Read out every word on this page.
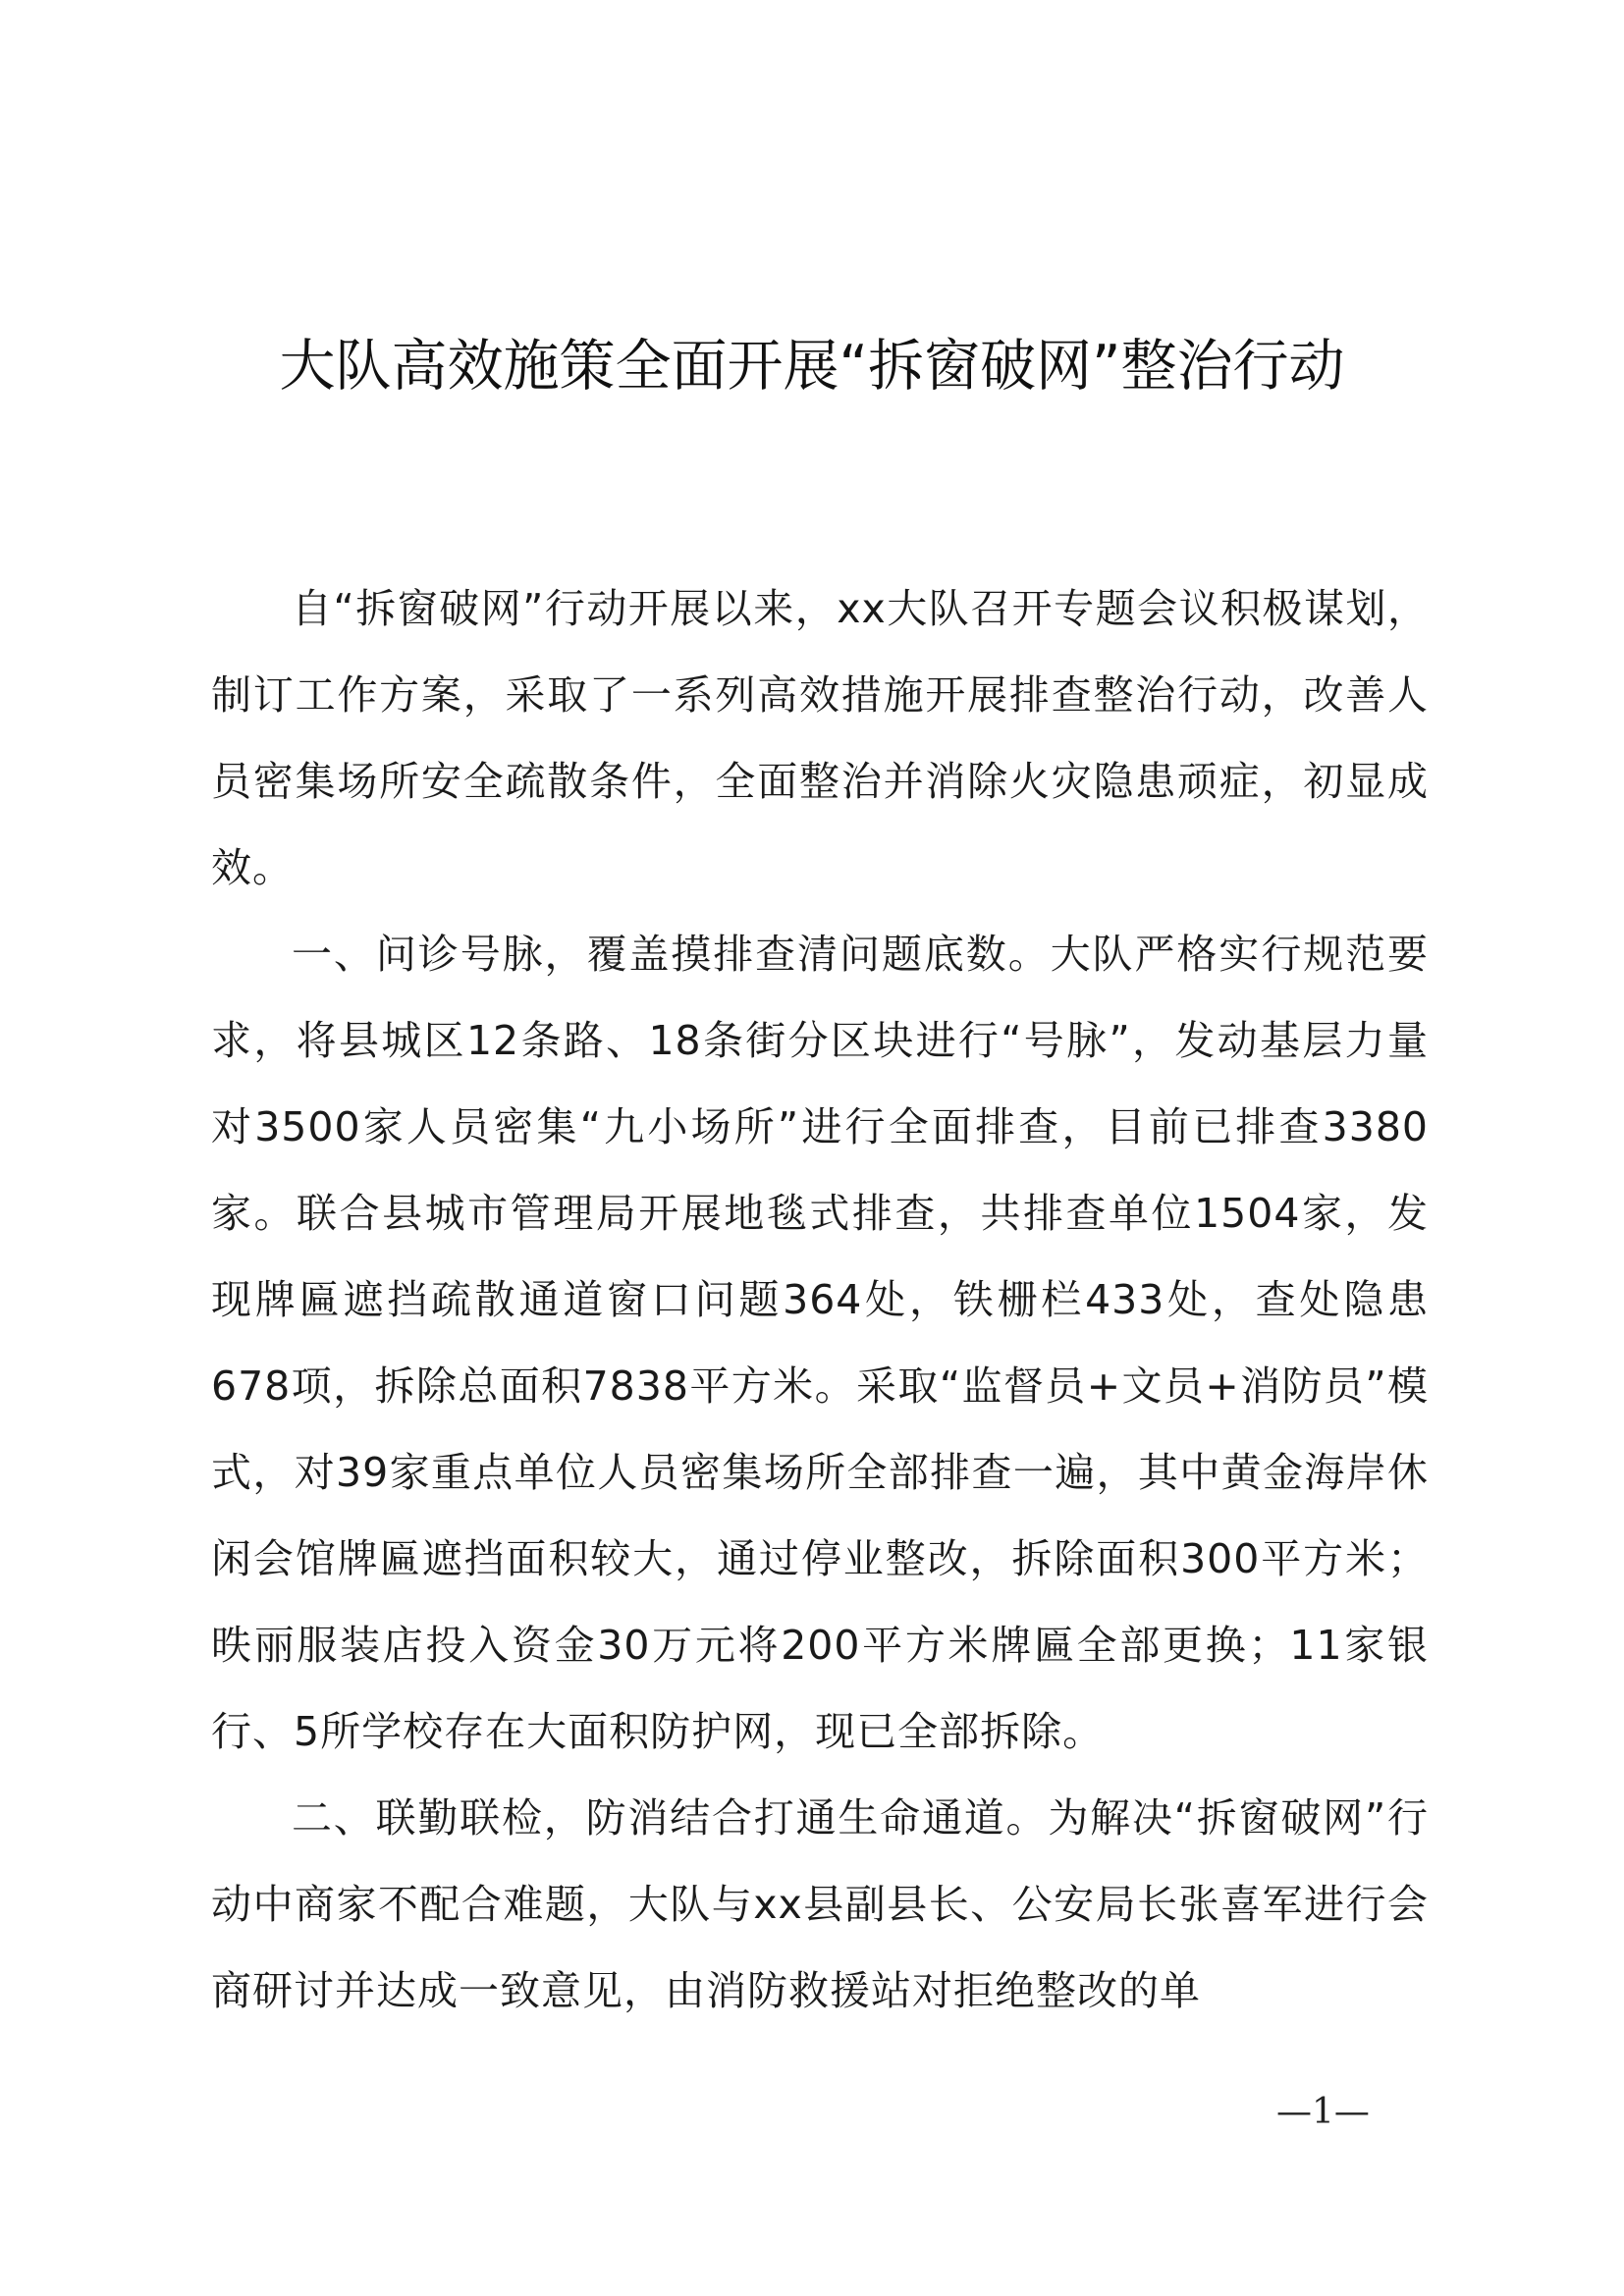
大队高效施策全面开展“拆窗破网”整治行动

自“拆窗破网”行动开展以来，xx大队召开专题会议积极谋划，制订工作方案，采取了一系列高效措施开展排查整治行动，改善人员密集场所安全疏散条件，全面整治并消除火灾隐患顽症，初显成效。

一、问诊号脉，覆盖摸排查清问题底数。大队严格实行规范要求，将县城区12条路、18条街分区块进行“号脉”，发动基层力量对3500家人员密集“九小场所”进行全面排查，目前已排查3380家。联合县城市管理局开展地毯式排查，共排查单位1504家，发现牌匾遮挡疏散通道窗口问题364处，铁栅栏433处，查处隐患678项，拆除总面积7838平方米。采取“监督员+文员+消防员”模式，对39家重点单位人员密集场所全部排查一遍，其中黄金海岸休闲会馆牌匾遮挡面积较大，通过停业整改，拆除面积300平方米；昳丽服装店投入资金30万元将200平方米牌匾全部更换；11家银行、5所学校存在大面积防护网，现已全部拆除。

二、联勤联检，防消结合打通生命通道。为解决“拆窗破网”行动中商家不配合难题，大队与xx县副县长、公安局长张喜军进行会商研讨并达成一致意见，由消防救援站对拒绝整改的单

—1—
